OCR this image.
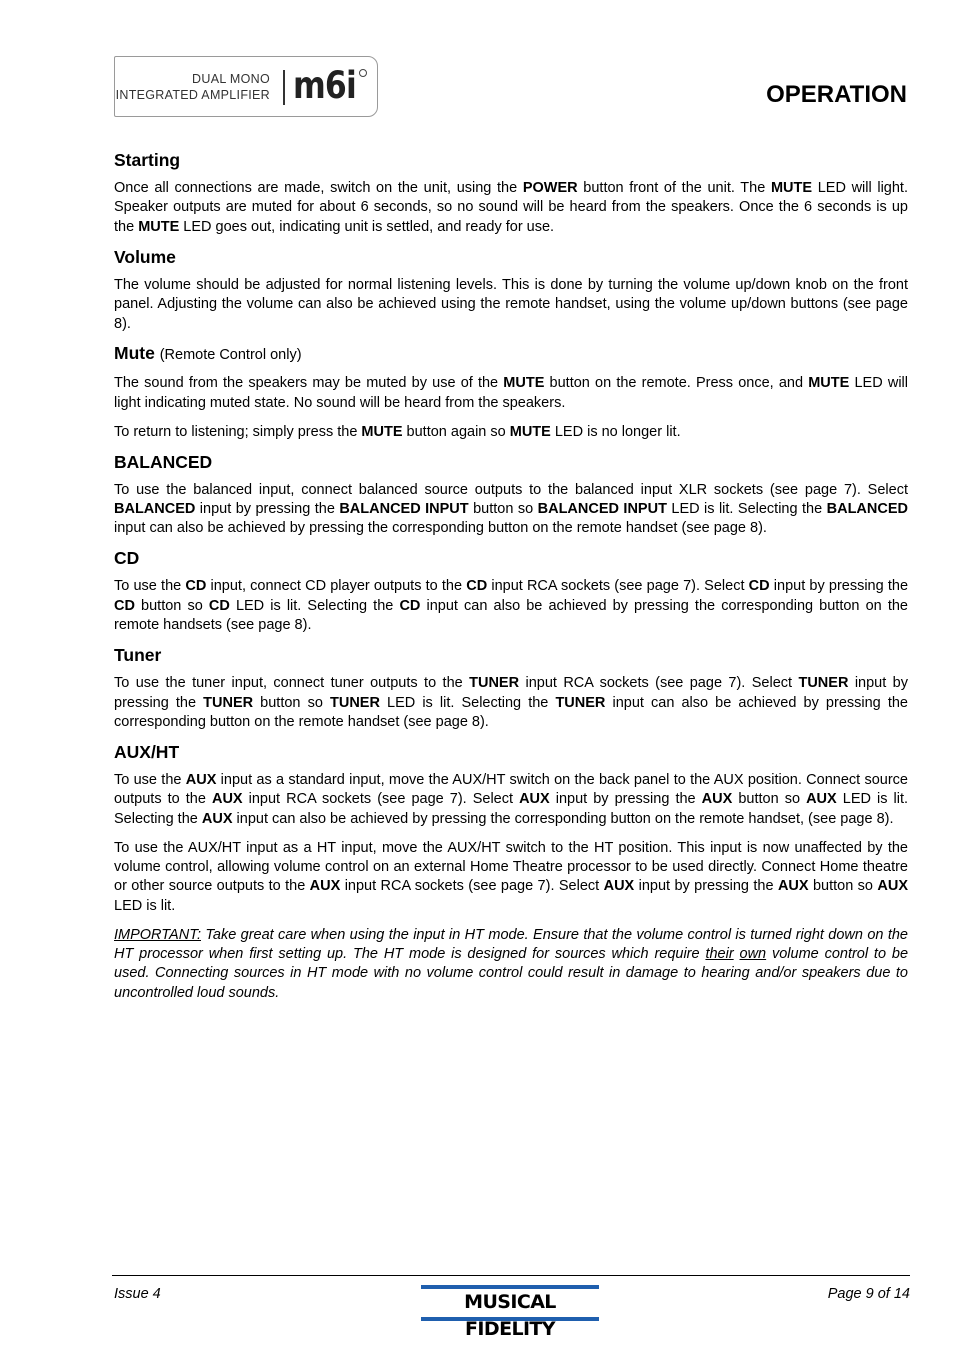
DUAL MONO
INTEGRATED AMPLIFIER m6i	OPERATION
Starting

Once all connections are made, switch on the unit, using the POWER button front of the unit. The MUTE LED will light. Speaker outputs are muted for about 6 seconds, so no sound will be heard from the speakers. Once the 6 seconds is up the MUTE LED goes out, indicating unit is settled, and ready for use.

Volume

The volume should be adjusted for normal listening levels. This is done by turning the volume up/down knob on the front panel. Adjusting the volume can also be achieved using the remote handset, using the volume up/down buttons (see page 8).

Mute (Remote Control only)

The sound from the speakers may be muted by use of the MUTE button on the remote. Press once, and MUTE LED will light indicating muted state. No sound will be heard from the speakers.

To return to listening; simply press the MUTE button again so MUTE LED is no longer lit.

BALANCED

To use the balanced input, connect balanced source outputs to the balanced input XLR sockets (see page 7). Select BALANCED input by pressing the BALANCED INPUT button so BALANCED INPUT LED is lit. Selecting the BALANCED input can also be achieved by pressing the corresponding button on the remote handset (see page 8).

CD

To use the CD input, connect CD player outputs to the CD input RCA sockets (see page 7). Select CD input by pressing the CD button so CD LED is lit. Selecting the CD input can also be achieved by pressing the corresponding button on the remote handsets (see page 8).

Tuner

To use the tuner input, connect tuner outputs to the TUNER input RCA sockets (see page 7). Select TUNER input by pressing the TUNER button so TUNER LED is lit. Selecting the TUNER input can also be achieved by pressing the corresponding button on the remote handset (see page 8).

AUX/HT

To use the AUX input as a standard input, move the AUX/HT switch on the back panel to the AUX position. Connect source outputs to the AUX input RCA sockets (see page 7). Select AUX input by pressing the AUX button so AUX LED is lit. Selecting the AUX input can also be achieved by pressing the corresponding button on the remote handset, (see page 8).

To use the AUX/HT input as a HT input, move the AUX/HT switch to the HT position. This input is now unaffected by the volume control, allowing volume control on an external Home Theatre processor to be used directly. Connect Home theatre or other source outputs to the AUX input RCA sockets (see page 7). Select AUX input by pressing the AUX button so AUX LED is lit.

IMPORTANT: Take great care when using the input in HT mode. Ensure that the volume control is turned right down on the HT processor when first setting up. The HT mode is designed for sources which require their own volume control to be used. Connecting sources in HT mode with no volume control could result in damage to hearing and/or speakers due to uncontrolled loud sounds.

Issue 4	MUSICAL FIDELITY
Page 9 of 14
